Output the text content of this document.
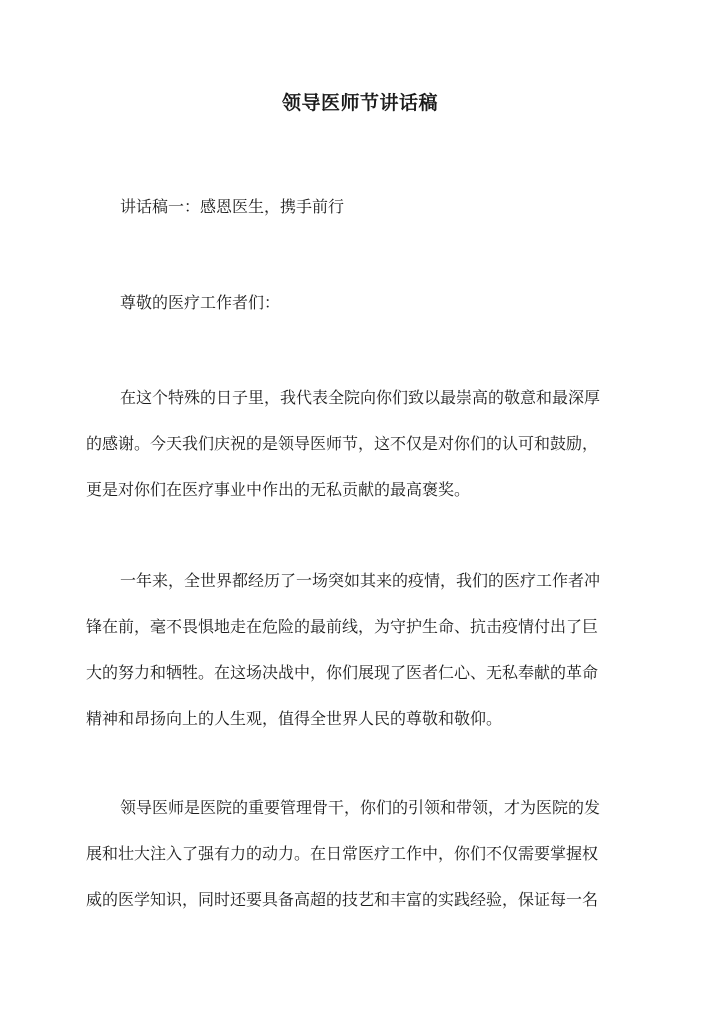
领导医师节讲话稿
讲话稿一：感恩医生，携手前行
尊敬的医疗工作者们：
在这个特殊的日子里，我代表全院向你们致以最崇高的敬意和最深厚
的感谢。今天我们庆祝的是领导医师节，这不仅是对你们的认可和鼓励，
更是对你们在医疗事业中作出的无私贡献的最高褒奖。
一年来，全世界都经历了一场突如其来的疫情，我们的医疗工作者冲
锋在前，毫不畏惧地走在危险的最前线，为守护生命、抗击疫情付出了巨
大的努力和牺牲。在这场决战中，你们展现了医者仁心、无私奉献的革命
精神和昂扬向上的人生观，值得全世界人民的尊敬和敬仰。
领导医师是医院的重要管理骨干，你们的引领和带领，才为医院的发
展和壮大注入了强有力的动力。在日常医疗工作中，你们不仅需要掌握权
威的医学知识，同时还要具备高超的技艺和丰富的实践经验，保证每一名
